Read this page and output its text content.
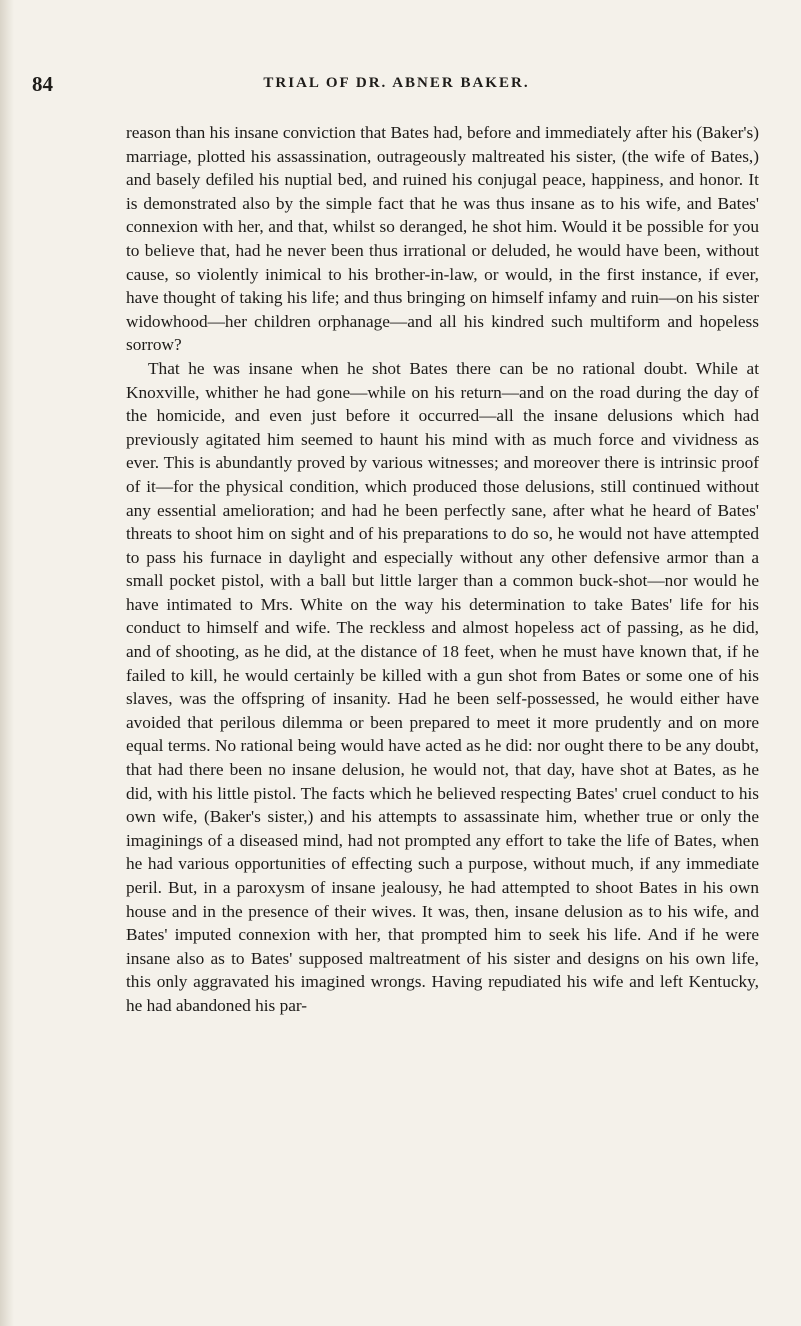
84	TRIAL OF DR. ABNER BAKER.

reason than his insane conviction that Bates had, before and immediately after his (Baker's) marriage, plotted his assassination, outrageously maltreated his sister, (the wife of Bates,) and basely defiled his nuptial bed, and ruined his conjugal peace, happiness, and honor. It is demonstrated also by the simple fact that he was thus insane as to his wife, and Bates' connexion with her, and that, whilst so deranged, he shot him. Would it be possible for you to believe that, had he never been thus irrational or deluded, he would have been, without cause, so violently inimical to his brother-in-law, or would, in the first instance, if ever, have thought of taking his life; and thus bringing on himself infamy and ruin—on his sister widowhood—her children orphanage—and all his kindred such multiform and hopeless sorrow?

That he was insane when he shot Bates there can be no rational doubt. While at Knoxville, whither he had gone—while on his return—and on the road during the day of the homicide, and even just before it occurred—all the insane delusions which had previously agitated him seemed to haunt his mind with as much force and vividness as ever. This is abundantly proved by various witnesses; and moreover there is intrinsic proof of it—for the physical condition, which produced those delusions, still continued without any essential amelioration; and had he been perfectly sane, after what he heard of Bates' threats to shoot him on sight and of his preparations to do so, he would not have attempted to pass his furnace in daylight and especially without any other defensive armor than a small pocket pistol, with a ball but little larger than a common buck-shot—nor would he have intimated to Mrs. White on the way his determination to take Bates' life for his conduct to himself and wife. The reckless and almost hopeless act of passing, as he did, and of shooting, as he did, at the distance of 18 feet, when he must have known that, if he failed to kill, he would certainly be killed with a gun shot from Bates or some one of his slaves, was the offspring of insanity. Had he been self-possessed, he would either have avoided that perilous dilemma or been prepared to meet it more prudently and on more equal terms. No rational being would have acted as he did: nor ought there to be any doubt, that had there been no insane delusion, he would not, that day, have shot at Bates, as he did, with his little pistol. The facts which he believed respecting Bates' cruel conduct to his own wife, (Baker's sister,) and his attempts to assassinate him, whether true or only the imaginings of a diseased mind, had not prompted any effort to take the life of Bates, when he had various opportunities of effecting such a purpose, without much, if any immediate peril. But, in a paroxysm of insane jealousy, he had attempted to shoot Bates in his own house and in the presence of their wives. It was, then, insane delusion as to his wife, and Bates' imputed connexion with her, that prompted him to seek his life. And if he were insane also as to Bates' supposed maltreatment of his sister and designs on his own life, this only aggravated his imagined wrongs. Having repudiated his wife and left Kentucky, he had abandoned his par-
